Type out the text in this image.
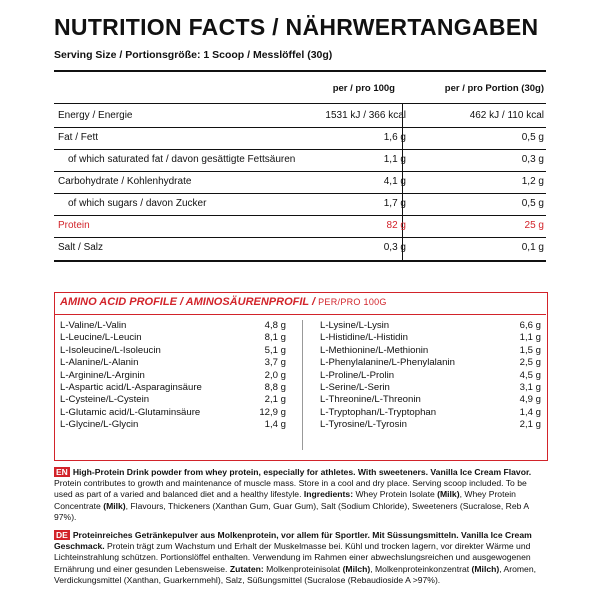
NUTRITION FACTS / NÄHRWERTANGABEN
Serving Size / Portionsgröße: 1 Scoop / Messlöffel (30g)
per / pro 100g	per / pro Portion (30g)
Energy / Energie	1531 kJ / 366 kcal	462 kJ / 110 kcal
Fat / Fett	1,6 g	0,5 g
of which saturated fat / davon gesättigte Fettsäuren	1,1 g	0,3 g
Carbohydrate / Kohlenhydrate	4,1 g	1,2 g
of which sugars / davon Zucker	1,7 g	0,5 g
Protein	82 g	25 g
Salt / Salz	0,3 g	0,1 g
AMINO ACID PROFILE / AMINOSÄURENPROFIL / PER/PRO 100G
L-Valine/L-Valin	4,8 g
L-Leucine/L-Leucin	8,1 g
L-Isoleucine/L-Isoleucin	5,1 g
L-Alanine/L-Alanin	3,7 g
L-Arginine/L-Arginin	2,0 g
L-Aspartic acid/L-Asparaginsäure	8,8 g
L-Cysteine/L-Cystein	2,1 g
L-Glutamic acid/L-Glutaminsäure	12,9 g
L-Glycine/L-Glycin	1,4 g
L-Lysine/L-Lysin	6,6 g
L-Histidine/L-Histidin	1,1 g
L-Methionine/L-Methionin	1,5 g
L-Phenylalanine/L-Phenylalanin	2,5 g
L-Proline/L-Prolin	4,5 g
L-Serine/L-Serin	3,1 g
L-Threonine/L-Threonin	4,9 g
L-Tryptophan/L-Tryptophan	1,4 g
L-Tyrosine/L-Tyrosin	2,1 g
EN High-Protein Drink powder from whey protein, especially for athletes. With sweeteners. Vanilla Ice Cream Flavor. Protein contributes to growth and maintenance of muscle mass. Store in a cool and dry place. Serving scoop included. To be used as part of a varied and balanced diet and a healthy lifestyle. Ingredients: Whey Protein Isolate (Milk), Whey Protein Concentrate (Milk), Flavours, Thickeners (Xanthan Gum, Guar Gum), Salt (Sodium Chloride), Sweeteners (Sucralose, Reb A 97%).
DE Proteinreiches Getränkepulver aus Molkenprotein, vor allem für Sportler. Mit Süssungsmitteln. Vanilla Ice Cream Geschmack. Protein trägt zum Wachstum und Erhalt der Muskelmasse bei. Kühl und trocken lagern, vor direkter Wärme und Lichteinstrahlung schützen. Portionslöffel enthalten. Verwendung im Rahmen einer abwechslungsreichen und ausgewogenen Ernährung und einer gesunden Lebensweise. Zutaten: Molkenproteinisolat (Milch), Molkenproteinkonzentrat (Milch), Aromen, Verdickungsmittel (Xanthan, Guarkernmehl), Salz, Süßungsmittel (Sucralose (Rebaudioside A >97%).
